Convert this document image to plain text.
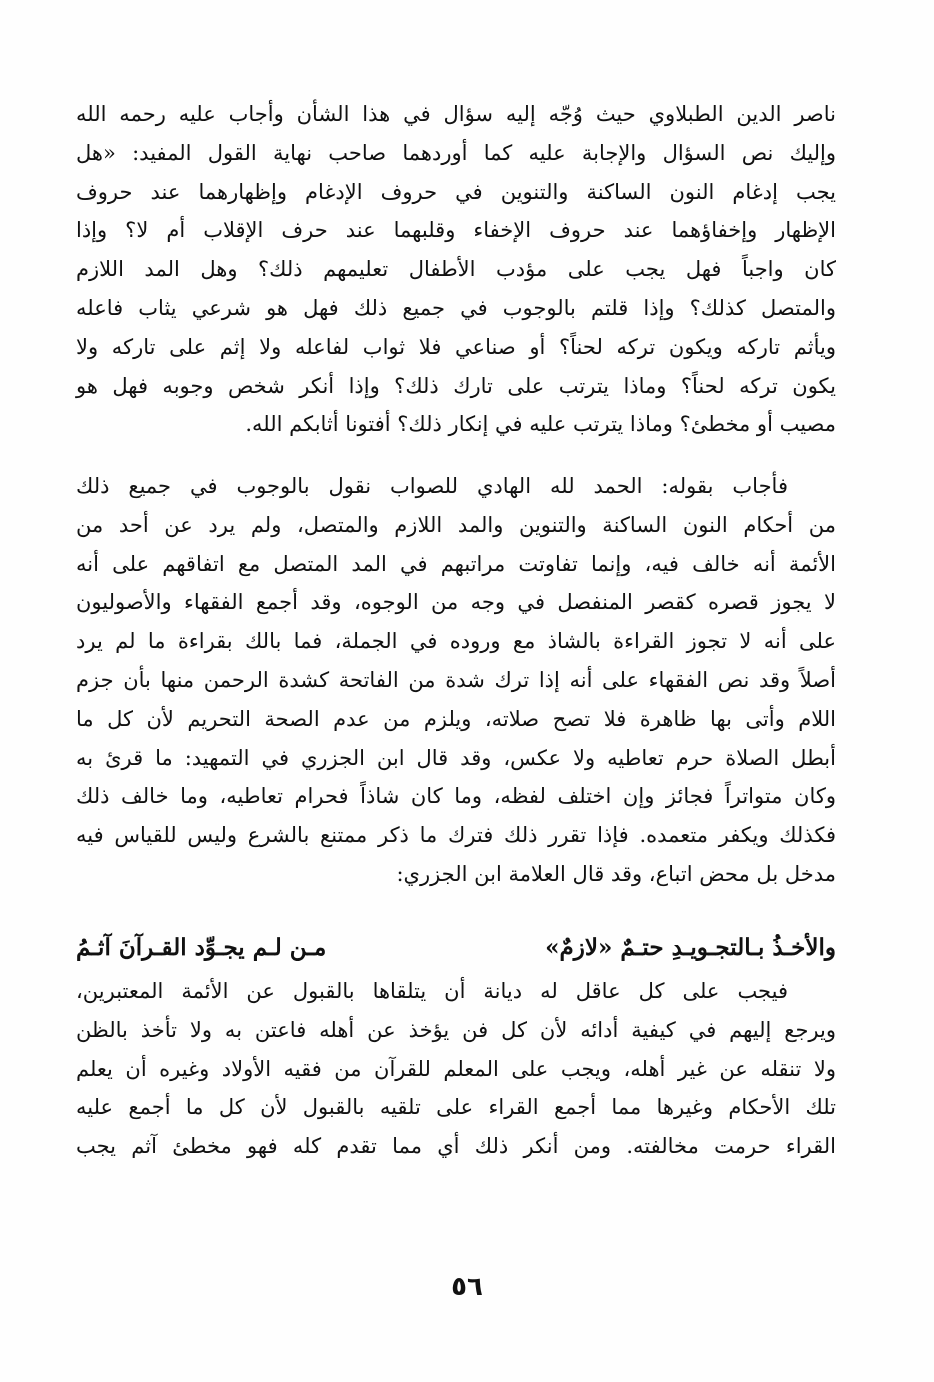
ناصر الدين الطبلاوي حيث وُجّه إليه سؤال في هذا الشأن وأجاب عليه رحمه الله
وإليك نص السؤال والإجابة عليه كما أوردهما صاحب نهاية القول المفيد: «هل
يجب إدغام النون الساكنة والتنوين في حروف الإدغام وإظهارهما عند حروف
الإظهار وإخفاؤهما عند حروف الإخفاء وقلبهما عند حرف الإقلاب أم لا؟ وإذا
كان واجباً فهل يجب على مؤدب الأطفال تعليمهم ذلك؟ وهل المد اللازم
والمتصل كذلك؟ وإذا قلتم بالوجوب في جميع ذلك فهل هو شرعي يثاب فاعله
ويأثم تاركه ويكون تركه لحناً؟ أو صناعي فلا ثواب لفاعله ولا إثم على تاركه ولا
يكون تركه لحناً؟ وماذا يترتب على تارك ذلك؟ وإذا أنكر شخص وجوبه فهل هو
مصيب أو مخطئ؟ وماذا يترتب عليه في إنكار ذلك؟ أفتونا أثابكم الله.
فأجاب بقوله: الحمد لله الهادي للصواب نقول بالوجوب في جميع ذلك
من أحكام النون الساكنة والتنوين والمد اللازم والمتصل، ولم يرد عن أحد من
الأئمة أنه خالف فيه، وإنما تفاوتت مراتبهم في المد المتصل مع اتفاقهم على أنه
لا يجوز قصره كقصر المنفصل في وجه من الوجوه، وقد أجمع الفقهاء والأصوليون
على أنه لا تجوز القراءة بالشاذ مع وروده في الجملة، فما بالك بقراءة ما لم يرد
أصلاً وقد نص الفقهاء على أنه إذا ترك شدة من الفاتحة كشدة الرحمن منها بأن جزم
اللام وأتى بها ظاهرة فلا تصح صلاته، ويلزم من عدم الصحة التحريم لأن كل ما
أبطل الصلاة حرم تعاطيه ولا عكس، وقد قال ابن الجزري في التمهيد: ما قرئ به
وكان متواتراً فجائز وإن اختلف لفظه، وما كان شاذاً فحرام تعاطيه، وما خالف ذلك
فكذلك ويكفر متعمده. فإذا تقرر ذلك فترك ما ذكر ممتنع بالشرع وليس للقياس فيه
مدخل بل محض اتباع، وقد قال العلامة ابن الجزري:
والأخـذُ بـالتجـويـدِ حتـمٌ «لازمٌ»
مـن لـم يجـوِّد القـرآنَ آثـمُ
فيجب على كل عاقل له ديانة أن يتلقاها بالقبول عن الأئمة المعتبرين،
ويرجع إليهم في كيفية أدائه لأن كل فن يؤخذ عن أهله فاعتن به ولا تأخذ بالظن
ولا تنقله عن غير أهله، ويجب على المعلم للقرآن من فقيه الأولاد وغيره أن يعلم
تلك الأحكام وغيرها مما أجمع القراء على تلقيه بالقبول لأن كل ما أجمع عليه
القراء حرمت مخالفته. ومن أنكر ذلك أي مما تقدم كله فهو مخطئ آثم يجب
٥٦
